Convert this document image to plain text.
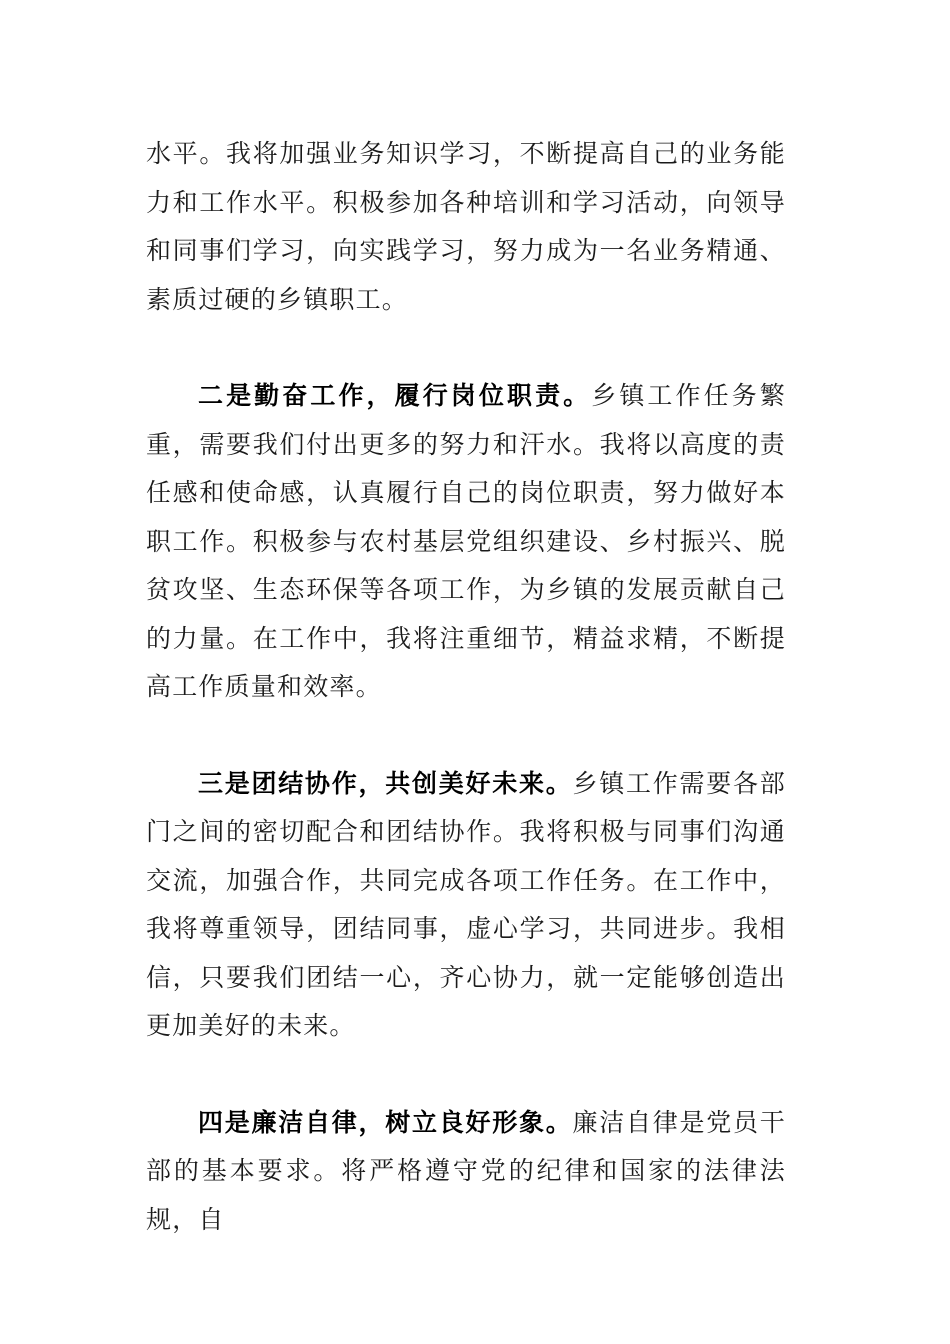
水平。我将加强业务知识学习，不断提高自己的业务能力和工作水平。积极参加各种培训和学习活动，向领导和同事们学习，向实践学习，努力成为一名业务精通、素质过硬的乡镇职工。

二是勤奋工作，履行岗位职责。乡镇工作任务繁重，需要我们付出更多的努力和汗水。我将以高度的责任感和使命感，认真履行自己的岗位职责，努力做好本职工作。积极参与农村基层党组织建设、乡村振兴、脱贫攻坚、生态环保等各项工作，为乡镇的发展贡献自己的力量。在工作中，我将注重细节，精益求精，不断提高工作质量和效率。

三是团结协作，共创美好未来。乡镇工作需要各部门之间的密切配合和团结协作。我将积极与同事们沟通交流，加强合作，共同完成各项工作任务。在工作中，我将尊重领导，团结同事，虚心学习，共同进步。我相信，只要我们团结一心，齐心协力，就一定能够创造出更加美好的未来。

四是廉洁自律，树立良好形象。廉洁自律是党员干部的基本要求。将严格遵守党的纪律和国家的法律法规，自
